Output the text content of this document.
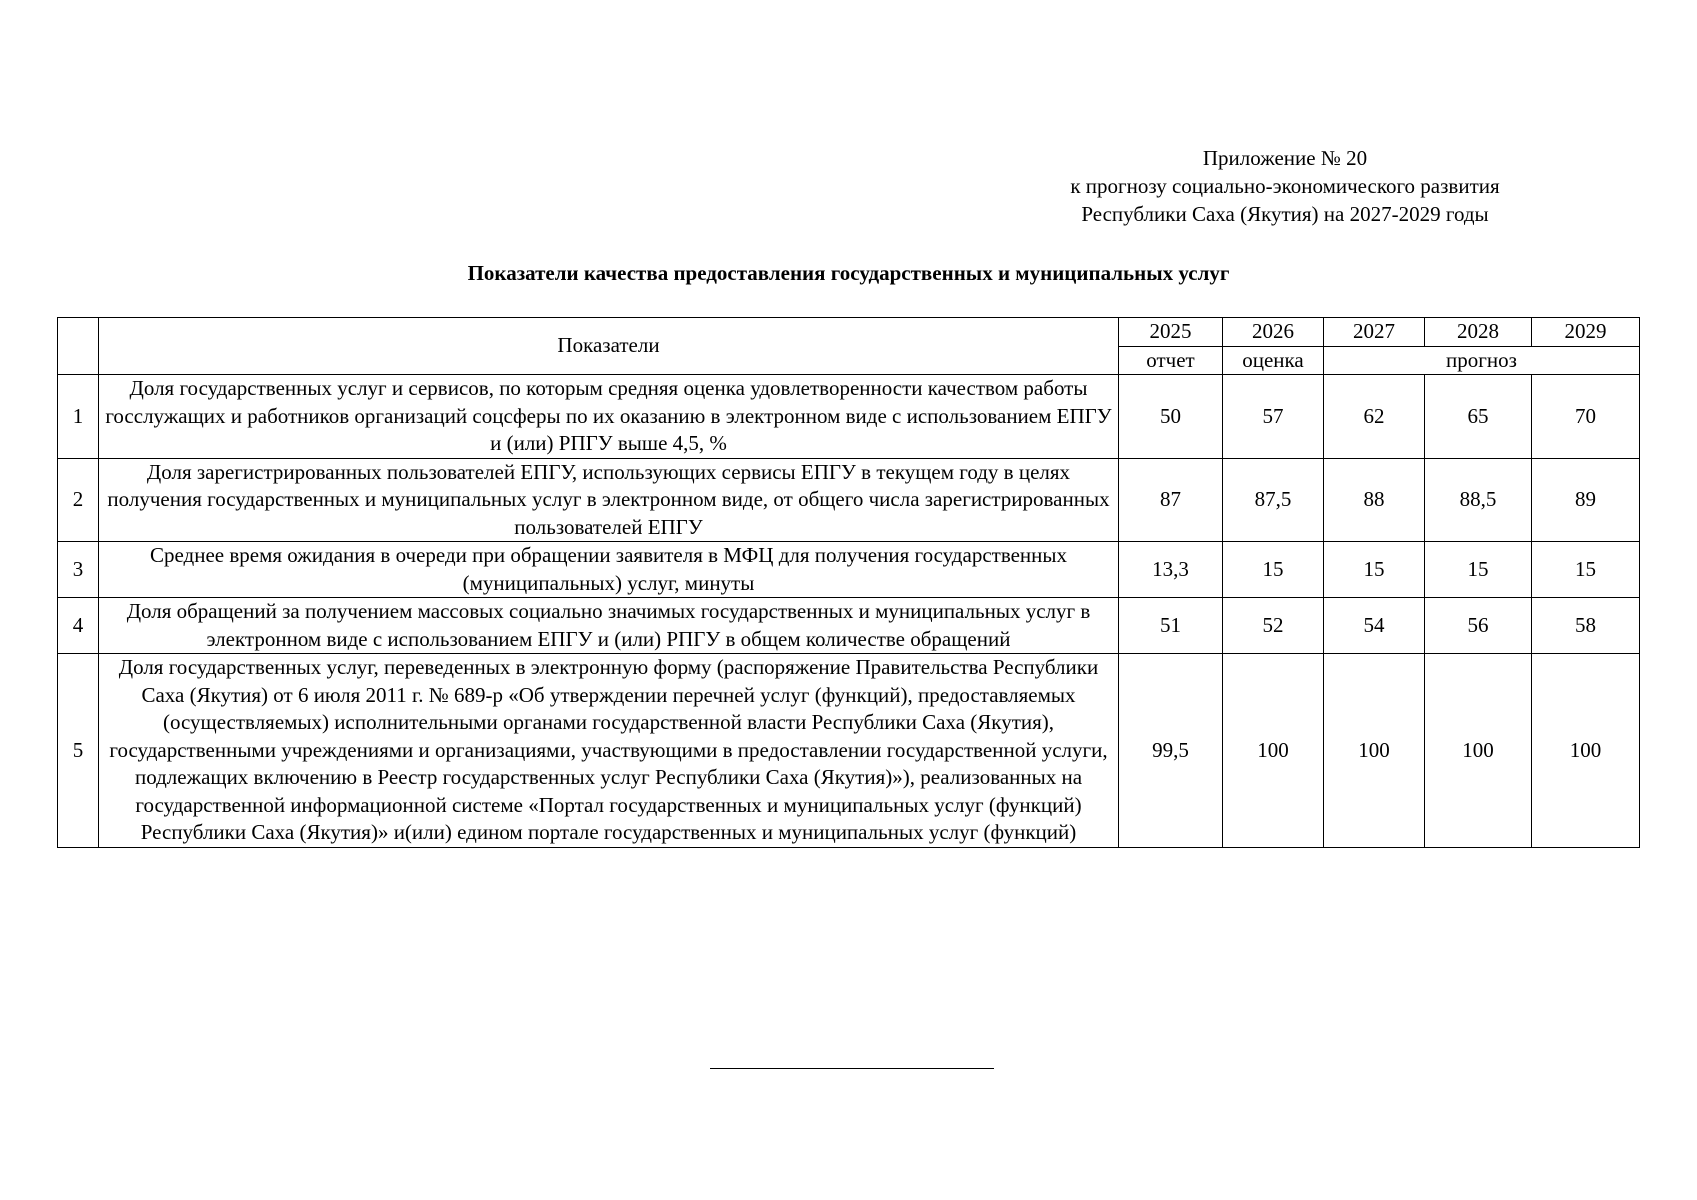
Приложение № 20
к прогнозу социально-экономического развития
Республики Саха (Якутия) на 2027-2029 годы
Показатели качества предоставления государственных и муниципальных услуг
	Показатели	2025	2026	2027	2028	2029
		отчет	оценка	прогноз		
1	Доля государственных услуг и сервисов, по которым средняя оценка удовлетворенности качеством работы госслужащих и работников организаций соцсферы по их оказанию в электронном виде с использованием ЕПГУ и (или) РПГУ выше 4,5, %	50	57	62	65	70
2	Доля зарегистрированных пользователей ЕПГУ, использующих сервисы ЕПГУ в текущем году в целях получения государственных и муниципальных услуг в электронном виде, от общего числа зарегистрированных пользователей ЕПГУ	87	87,5	88	88,5	89
3	Среднее время ожидания в очереди при обращении заявителя в МФЦ для получения государственных (муниципальных) услуг, минуты	13,3	15	15	15	15
4	Доля обращений за получением массовых социально значимых государственных и муниципальных услуг в электронном виде с использованием ЕПГУ и (или) РПГУ в общем количестве обращений	51	52	54	56	58
5	Доля государственных услуг, переведенных в электронную форму (распоряжение Правительства Республики Саха (Якутия) от 6 июля 2011 г. № 689-р «Об утверждении перечней услуг (функций), предоставляемых (осуществляемых) исполнительными органами государственной власти Республики Саха (Якутия), государственными учреждениями и организациями, участвующими в предоставлении государственной услуги, подлежащих включению в Реестр государственных услуг Республики Саха (Якутия)»), реализованных на государственной информационной системе «Портал государственных и муниципальных услуг (функций) Республики Саха (Якутия)» и(или) едином портале государственных и муниципальных услуг (функций)	99,5	100	100	100	100
